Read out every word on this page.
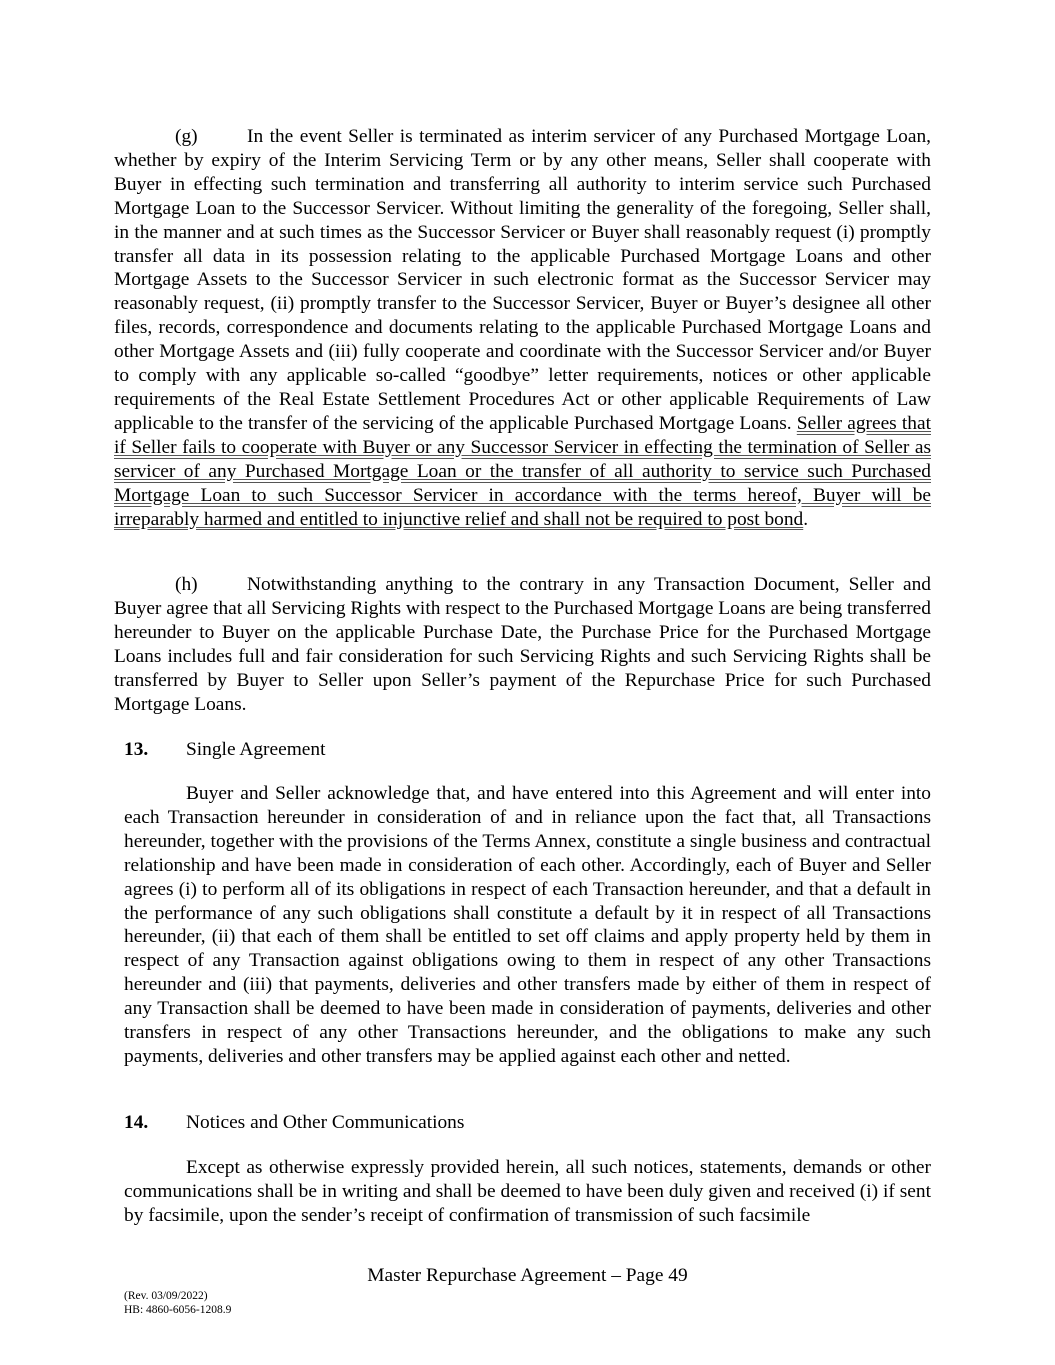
(g)	In the event Seller is terminated as interim servicer of any Purchased Mortgage Loan, whether by expiry of the Interim Servicing Term or by any other means, Seller shall cooperate with Buyer in effecting such termination and transferring all authority to interim service such Purchased Mortgage Loan to the Successor Servicer. Without limiting the generality of the foregoing, Seller shall, in the manner and at such times as the Successor Servicer or Buyer shall reasonably request (i) promptly transfer all data in its possession relating to the applicable Purchased Mortgage Loans and other Mortgage Assets to the Successor Servicer in such electronic format as the Successor Servicer may reasonably request, (ii) promptly transfer to the Successor Servicer, Buyer or Buyer’s designee all other files, records, correspondence and documents relating to the applicable Purchased Mortgage Loans and other Mortgage Assets and (iii) fully cooperate and coordinate with the Successor Servicer and/or Buyer to comply with any applicable so-called “goodbye” letter requirements, notices or other applicable requirements of the Real Estate Settlement Procedures Act or other applicable Requirements of Law applicable to the transfer of the servicing of the applicable Purchased Mortgage Loans. Seller agrees that if Seller fails to cooperate with Buyer or any Successor Servicer in effecting the termination of Seller as servicer of any Purchased Mortgage Loan or the transfer of all authority to service such Purchased Mortgage Loan to such Successor Servicer in accordance with the terms hereof, Buyer will be irreparably harmed and entitled to injunctive relief and shall not be required to post bond.

(h)	Notwithstanding anything to the contrary in any Transaction Document, Seller and Buyer agree that all Servicing Rights with respect to the Purchased Mortgage Loans are being transferred hereunder to Buyer on the applicable Purchase Date, the Purchase Price for the Purchased Mortgage Loans includes full and fair consideration for such Servicing Rights and such Servicing Rights shall be transferred by Buyer to Seller upon Seller’s payment of the Repurchase Price for such Purchased Mortgage Loans.

13. Single Agreement

Buyer and Seller acknowledge that, and have entered into this Agreement and will enter into each Transaction hereunder in consideration of and in reliance upon the fact that, all Transactions hereunder, together with the provisions of the Terms Annex, constitute a single business and contractual relationship and have been made in consideration of each other. Accordingly, each of Buyer and Seller agrees (i) to perform all of its obligations in respect of each Transaction hereunder, and that a default in the performance of any such obligations shall constitute a default by it in respect of all Transactions hereunder, (ii) that each of them shall be entitled to set off claims and apply property held by them in respect of any Transaction against obligations owing to them in respect of any other Transactions hereunder and (iii) that payments, deliveries and other transfers made by either of them in respect of any Transaction shall be deemed to have been made in consideration of payments, deliveries and other transfers in respect of any other Transactions hereunder, and the obligations to make any such payments, deliveries and other transfers may be applied against each other and netted.

14. Notices and Other Communications

Except as otherwise expressly provided herein, all such notices, statements, demands or other communications shall be in writing and shall be deemed to have been duly given and received (i) if sent by facsimile, upon the sender’s receipt of confirmation of transmission of such facsimile

Master Repurchase Agreement – Page 49
(Rev. 03/09/2022)
HB: 4860-6056-1208.9
